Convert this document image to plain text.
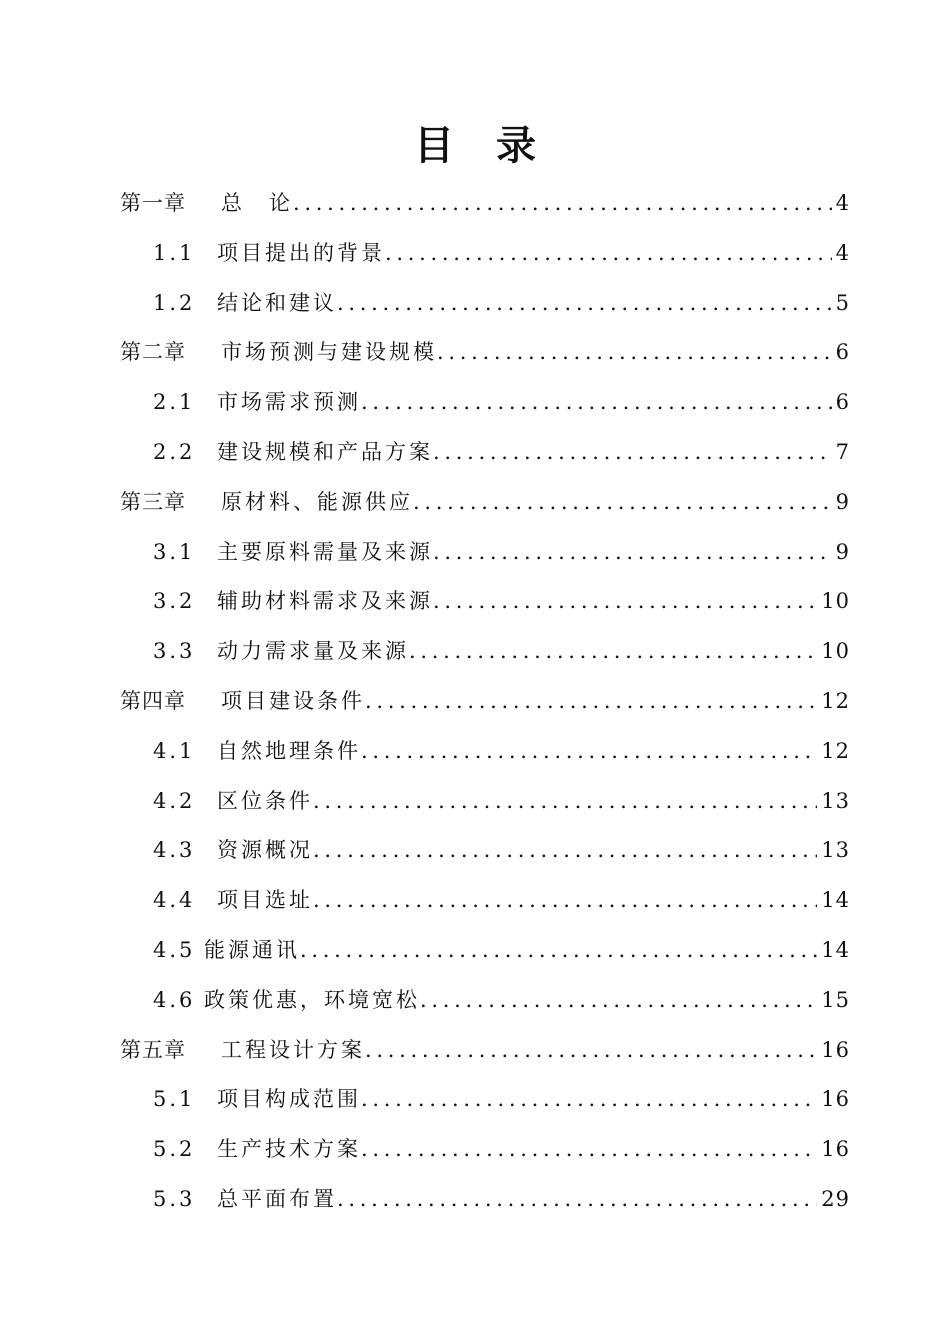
目 录
第一章	总　论 .....	4
1.1	项目提出的背景 .....	4
1.2	结论和建议 .....	5
第二章	市场预测与建设规模 .....	6
2.1	市场需求预测 .....	6
2.2	建设规模和产品方案 .....	7
第三章	原材料、能源供应 .....	9
3.1	主要原料需量及来源 .....	9
3.2	辅助材料需求及来源 .....	10
3.3	动力需求量及来源 .....	10
第四章	项目建设条件 .....	12
4.1	自然地理条件 .....	12
4.2	区位条件 .....	13
4.3	资源概况 .....	13
4.4	项目选址 .....	14
4.5 能源通讯 .....	14
4.6 政策优惠，环境宽松 .....	15
第五章	工程设计方案 .....	16
5.1	项目构成范围 .....	16
5.2	生产技术方案 .....	16
5.3	总平面布置 .....	29
